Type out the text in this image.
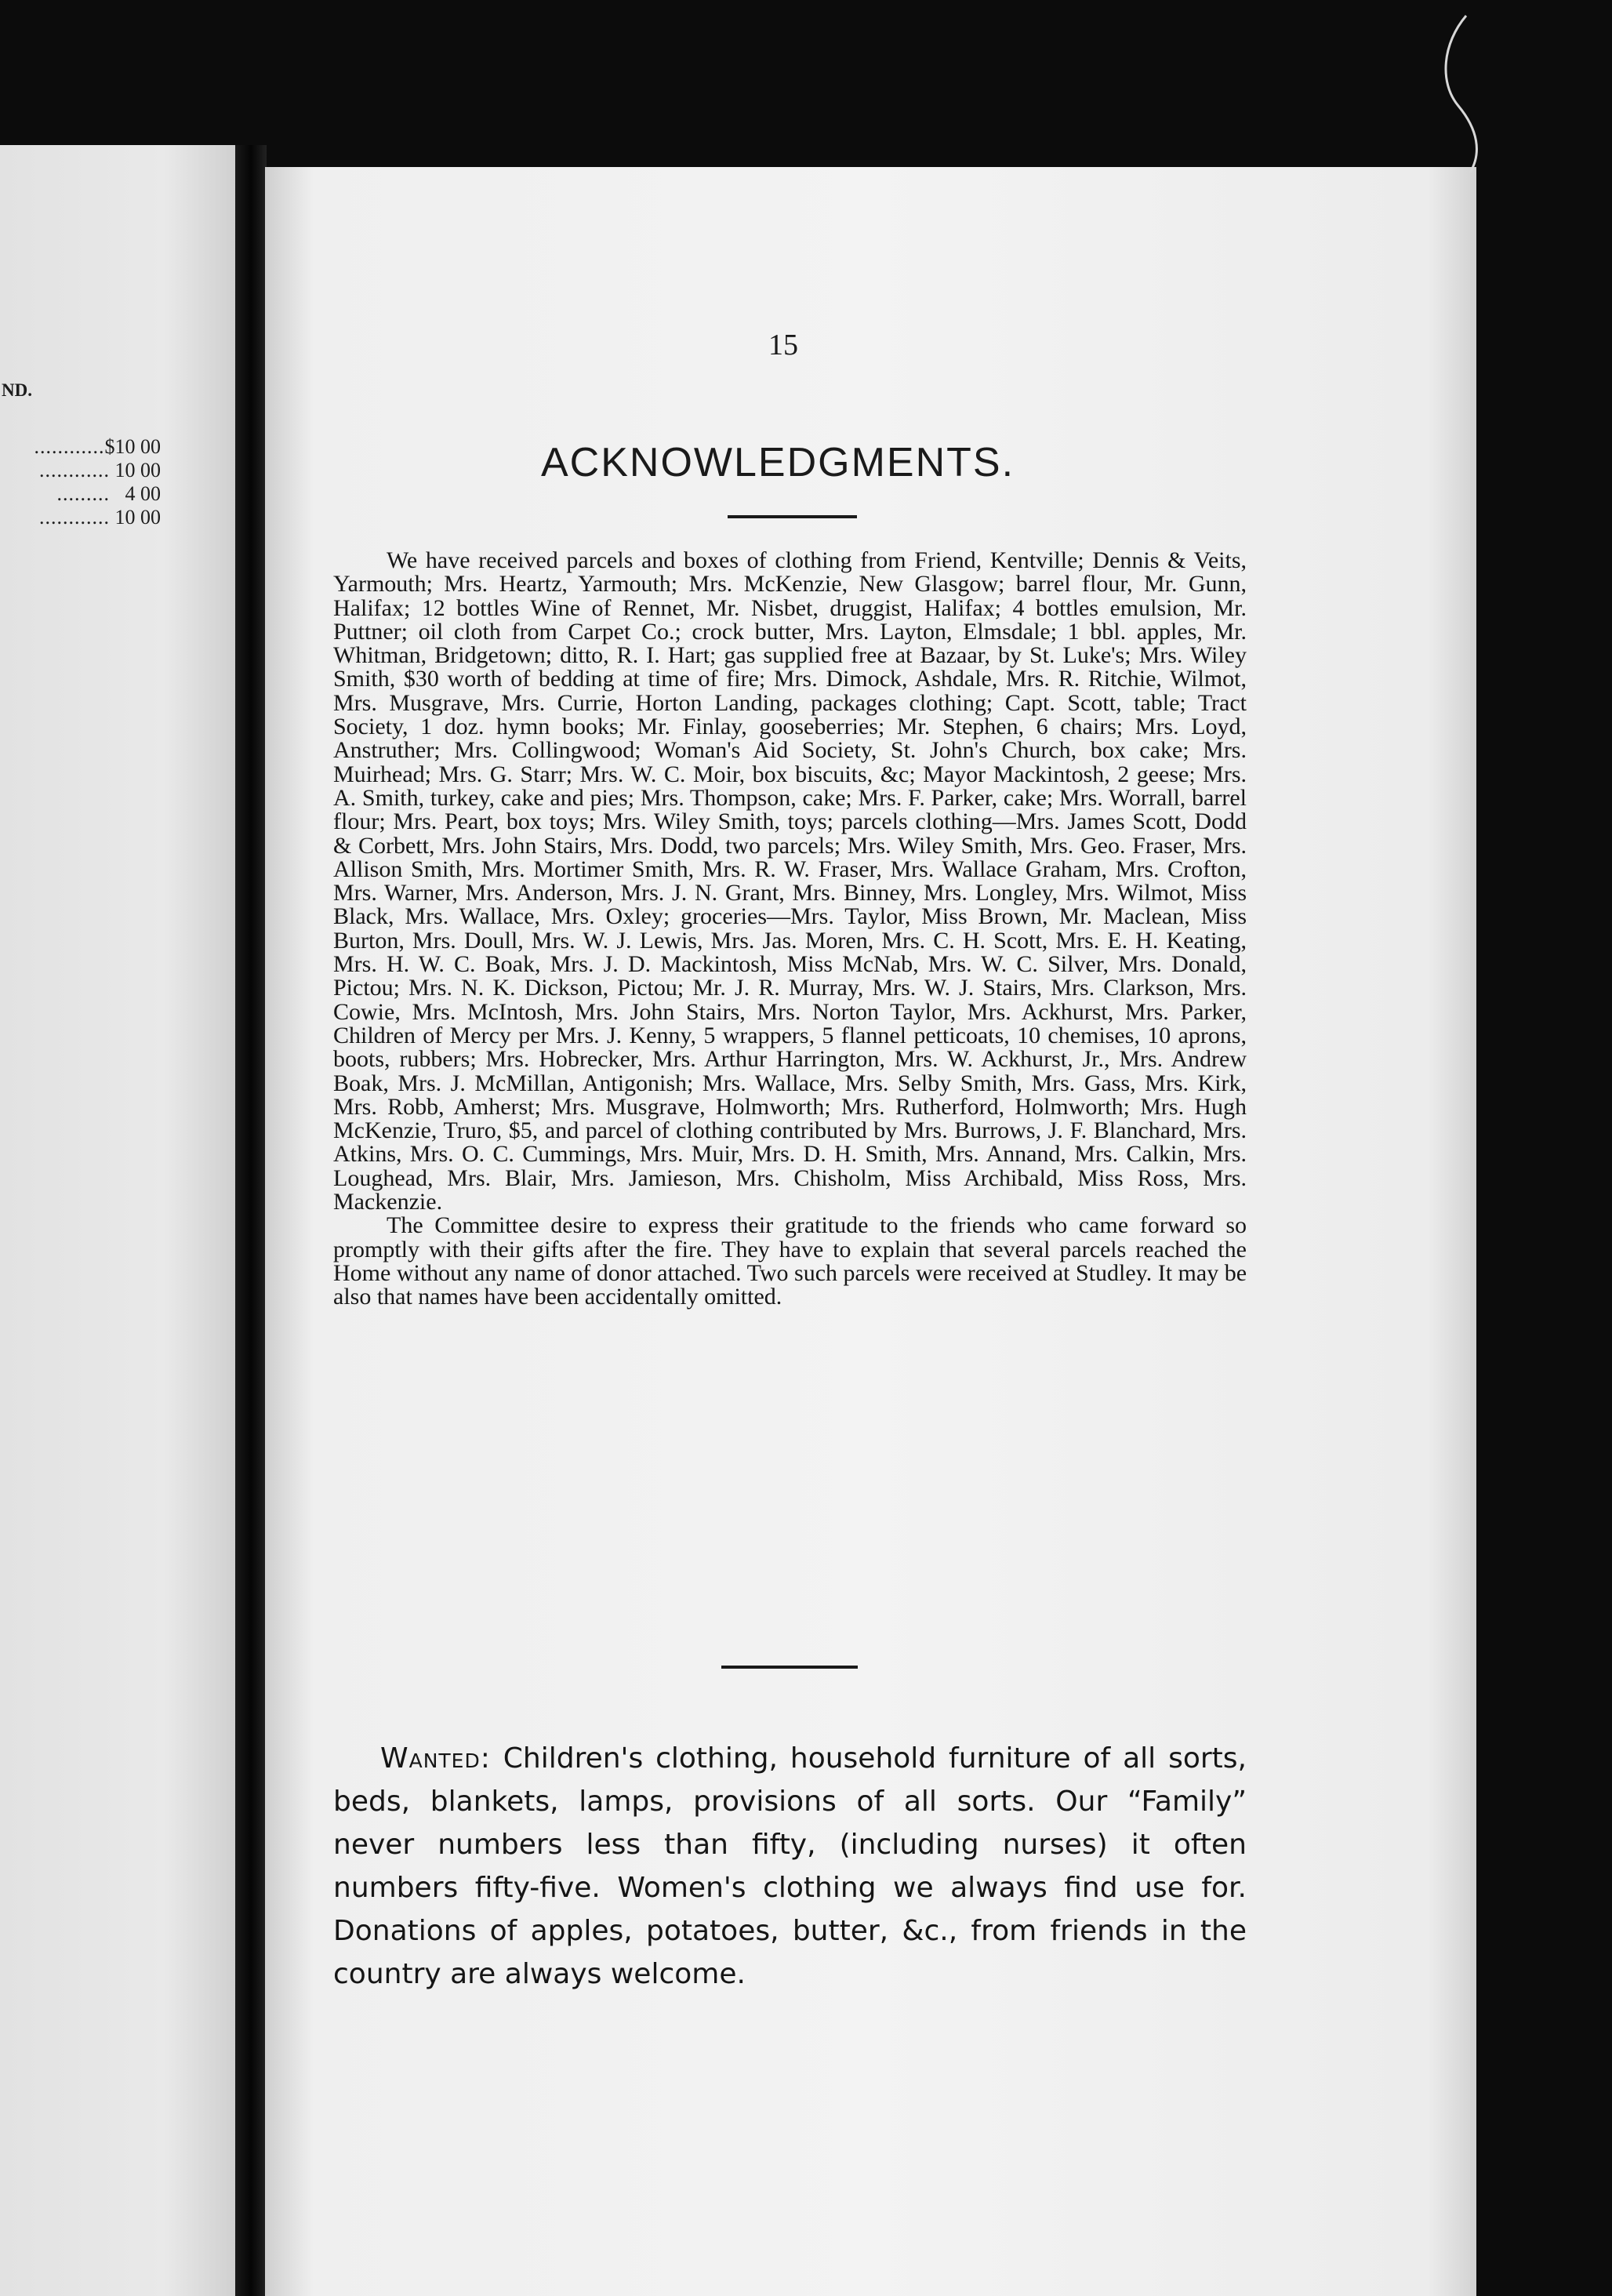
ND.
............$10 00
............ 10 00
......... 4 00
............ 10 00
15
ACKNOWLEDGMENTS.

We have received parcels and boxes of clothing from Friend, Kentville; Dennis & Veits, Yarmouth; Mrs. Heartz, Yarmouth; Mrs. McKenzie, New Glasgow; barrel flour, Mr. Gunn, Halifax; 12 bottles Wine of Rennet, Mr. Nisbet, druggist, Halifax; 4 bottles emulsion, Mr. Puttner; oil cloth from Carpet Co.; crock butter, Mrs. Layton, Elmsdale; 1 bbl. apples, Mr. Whitman, Bridgetown; ditto, R. I. Hart; gas supplied free at Bazaar, by St. Luke's; Mrs. Wiley Smith, $30 worth of bedding at time of fire; Mrs. Dimock, Ashdale, Mrs. R. Ritchie, Wilmot, Mrs. Musgrave, Mrs. Currie, Horton Landing, packages clothing; Capt. Scott, table; Tract Society, 1 doz. hymn books; Mr. Finlay, gooseberries; Mr. Stephen, 6 chairs; Mrs. Loyd, Anstruther; Mrs. Collingwood; Woman's Aid Society, St. John's Church, box cake; Mrs. Muirhead; Mrs. G. Starr; Mrs. W. C. Moir, box biscuits, &c; Mayor Mackintosh, 2 geese; Mrs. A. Smith, turkey, cake and pies; Mrs. Thompson, cake; Mrs. F. Parker, cake; Mrs. Worrall, barrel flour; Mrs. Peart, box toys; Mrs. Wiley Smith, toys; parcels clothing—Mrs. James Scott, Dodd & Corbett, Mrs. John Stairs, Mrs. Dodd, two parcels; Mrs. Wiley Smith, Mrs. Geo. Fraser, Mrs. Allison Smith, Mrs. Mortimer Smith, Mrs. R. W. Fraser, Mrs. Wallace Graham, Mrs. Crofton, Mrs. Warner, Mrs. Anderson, Mrs. J. N. Grant, Mrs. Binney, Mrs. Longley, Mrs. Wilmot, Miss Black, Mrs. Wallace, Mrs. Oxley; groceries—Mrs. Taylor, Miss Brown, Mr. Maclean, Miss Burton, Mrs. Doull, Mrs. W. J. Lewis, Mrs. Jas. Moren, Mrs. C. H. Scott, Mrs. E. H. Keating, Mrs. H. W. C. Boak, Mrs. J. D. Mackintosh, Miss McNab, Mrs. W. C. Silver, Mrs. Donald, Pictou; Mrs. N. K. Dickson, Pictou; Mr. J. R. Murray, Mrs. W. J. Stairs, Mrs. Clarkson, Mrs. Cowie, Mrs. McIntosh, Mrs. John Stairs, Mrs. Norton Taylor, Mrs. Ackhurst, Mrs. Parker, Children of Mercy per Mrs. J. Kenny, 5 wrappers, 5 flannel petticoats, 10 chemises, 10 aprons, boots, rubbers; Mrs. Hobrecker, Mrs. Arthur Harrington, Mrs. W. Ackhurst, Jr., Mrs. Andrew Boak, Mrs. J. McMillan, Antigonish; Mrs. Wallace, Mrs. Selby Smith, Mrs. Gass, Mrs. Kirk, Mrs. Robb, Amherst; Mrs. Musgrave, Holmworth; Mrs. Rutherford, Holmworth; Mrs. Hugh McKenzie, Truro, $5, and parcel of clothing contributed by Mrs. Burrows, J. F. Blanchard, Mrs. Atkins, Mrs. O. C. Cummings, Mrs. Muir, Mrs. D. H. Smith, Mrs. Annand, Mrs. Calkin, Mrs. Loughead, Mrs. Blair, Mrs. Jamieson, Mrs. Chisholm, Miss Archibald, Miss Ross, Mrs. Mackenzie.

The Committee desire to express their gratitude to the friends who came forward so promptly with their gifts after the fire. They have to explain that several parcels reached the Home without any name of donor attached. Two such parcels were received at Studley. It may be also that names have been accidentally omitted.

Wanted: Children's clothing, household furniture of all sorts, beds, blankets, lamps, provisions of all sorts. Our “Family” never numbers less than fifty, (including nurses) it often numbers fifty-five. Women's clothing we always find use for. Donations of apples, potatoes, butter, &c., from friends in the country are always welcome.
